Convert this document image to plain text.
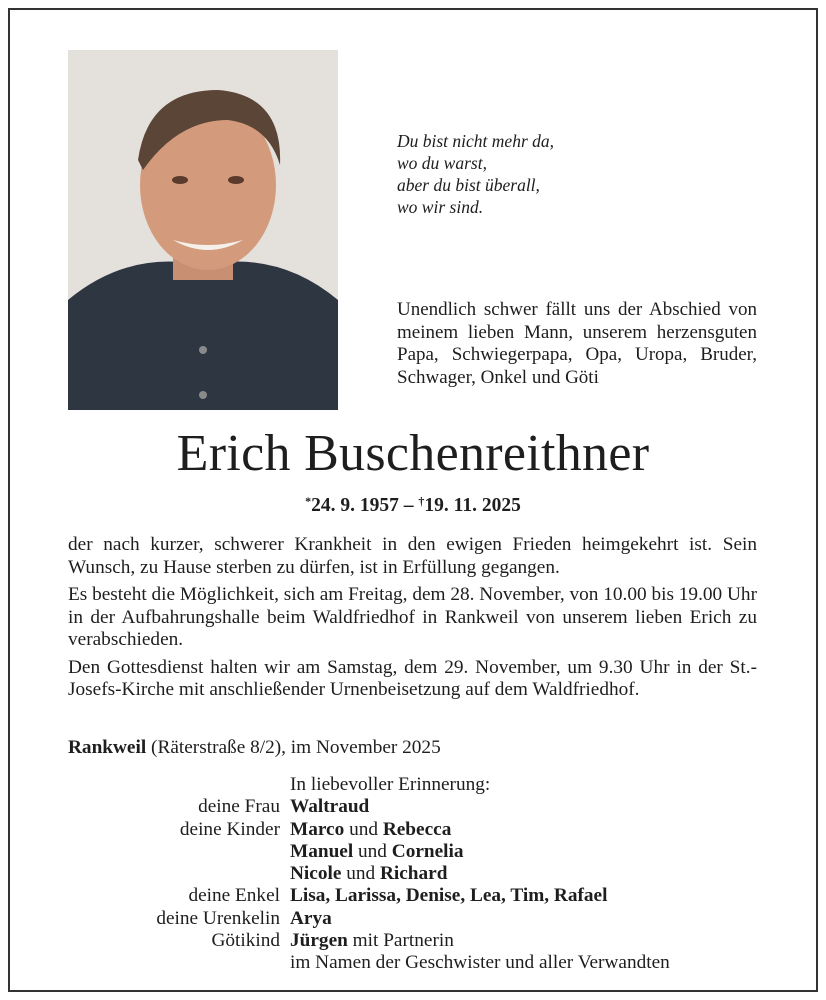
Du bist nicht mehr da,
wo du warst,
aber du bist überall,
wo wir sind.
Unendlich schwer fällt uns der Abschied von meinem lieben Mann, unserem herzensguten Papa, Schwiegerpapa, Opa, Uropa, Bruder, Schwager, Onkel und Göti
Erich Buschenreithner
*24. 9. 1957 – †19. 11. 2025

der nach kurzer, schwerer Krankheit in den ewigen Frieden heimgekehrt ist. Sein Wunsch, zu Hause sterben zu dürfen, ist in Erfüllung gegangen.

Es besteht die Möglichkeit, sich am Freitag, dem 28. November, von 10.00 bis 19.00 Uhr in der Aufbahrungshalle beim Waldfriedhof in Rankweil von unserem lieben Erich zu verabschieden.

Den Gottesdienst halten wir am Samstag, dem 29. November, um 9.30 Uhr in der St.-Josefs-Kirche mit anschließender Urnenbeisetzung auf dem Waldfriedhof.

Rankweil (Räterstraße 8/2), im November 2025
In liebevoller Erinnerung:
deine Frau Waltraud
deine Kinder Marco und Rebecca
Manuel und Cornelia
Nicole und Richard
deine Enkel Lisa, Larissa, Denise, Lea, Tim, Rafael
deine Urenkelin Arya
Götikind Jürgen mit Partnerin
im Namen der Geschwister und aller Verwandten
